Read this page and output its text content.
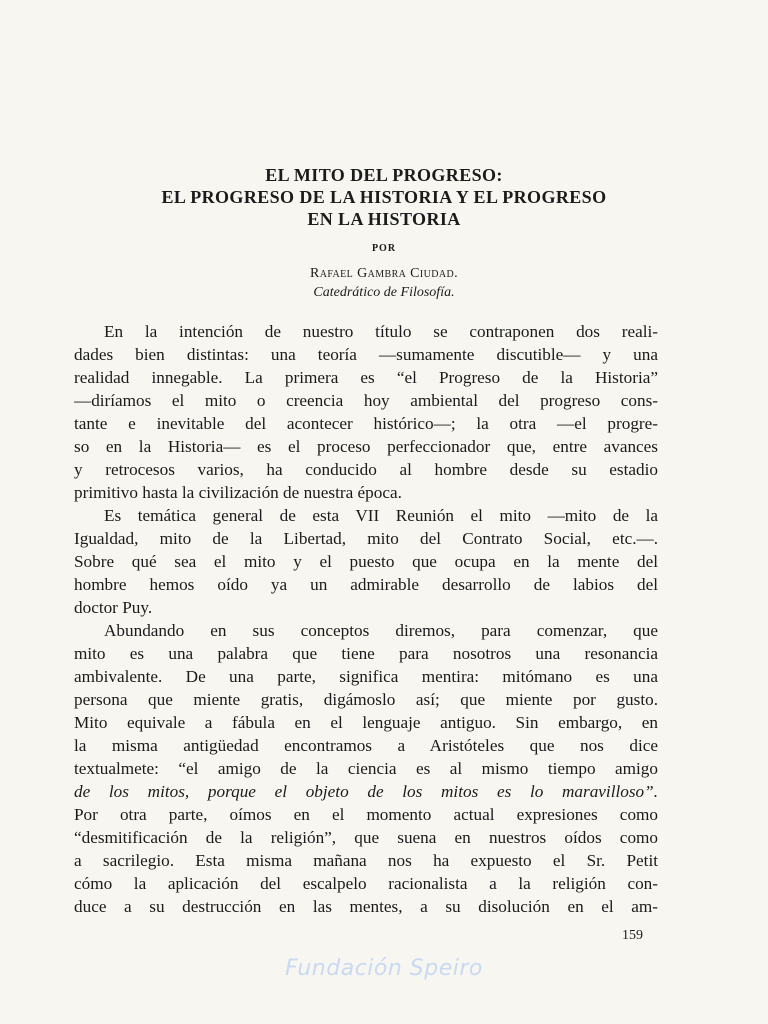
EL MITO DEL PROGRESO:
EL PROGRESO DE LA HISTORIA Y EL PROGRESO
EN LA HISTORIA
POR
Rafael Gambra Ciudad.
Catedrático de Filosofía.
En la intención de nuestro título se contraponen dos reali-
dades bien distintas: una teoría —sumamente discutible— y una
realidad innegable. La primera es “el Progreso de la Historia”
—diríamos el mito o creencia hoy ambiental del progreso cons-
tante e inevitable del acontecer histórico—; la otra —el progre-
so en la Historia— es el proceso perfeccionador que, entre avances
y retrocesos varios, ha conducido al hombre desde su estadio
primitivo hasta la civilización de nuestra época.
Es temática general de esta VII Reunión el mito —mito de la
Igualdad, mito de la Libertad, mito del Contrato Social, etc.—.
Sobre qué sea el mito y el puesto que ocupa en la mente del
hombre hemos oído ya un admirable desarrollo de labios del
doctor Puy.
Abundando en sus conceptos diremos, para comenzar, que
mito es una palabra que tiene para nosotros una resonancia
ambivalente. De una parte, significa mentira: mitómano es una
persona que miente gratis, digámoslo así; que miente por gusto.
Mito equivale a fábula en el lenguaje antiguo. Sin embargo, en
la misma antigüedad encontramos a Aristóteles que nos dice
textualmete: “el amigo de la ciencia es al mismo tiempo amigo
de los mitos, porque el objeto de los mitos es lo maravilloso”.
Por otra parte, oímos en el momento actual expresiones como
“desmitificación de la religión”, que suena en nuestros oídos como
a sacrilegio. Esta misma mañana nos ha expuesto el Sr. Petit
cómo la aplicación del escalpelo racionalista a la religión con-
duce a su destrucción en las mentes, a su disolución en el am-
159
Fundación Speiro
